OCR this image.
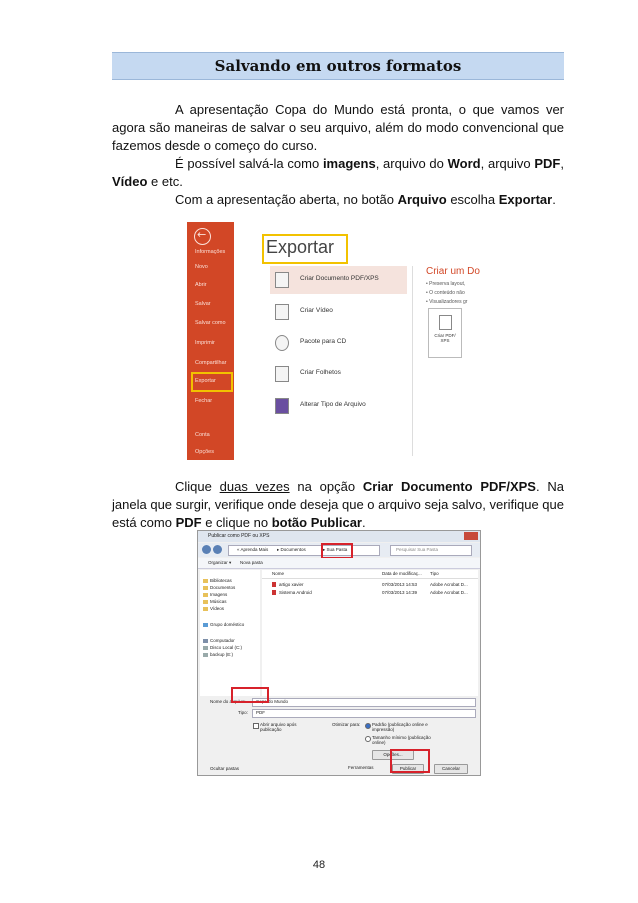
Salvando em outros formatos
A apresentação Copa do Mundo está pronta, o que vamos ver agora são maneiras de salvar o seu arquivo, além do modo convencional que fazemos desde o começo do curso.
É possível salvá-la como imagens, arquivo do Word, arquivo PDF, Vídeo e etc.
Com a apresentação aberta, no botão Arquivo escolha Exportar.
←
Informações
Novo
Abrir
Salvar
Salvar como
Imprimir
Compartilhar
Exportar
Fechar
Conta
Opções
Exportar
Criar Documento PDF/XPS
Criar Vídeo
Pacote para CD
Criar Folhetos
Alterar Tipo de Arquivo
Criar um Do
• Preserva layout,
• O conteúdo não
• Visualizadores gr
Criar PDF/ XPS
Clique duas vezes na opção Criar Documento PDF/XPS. Na janela que surgir, verifique onde deseja que o arquivo seja salvo, verifique que está como PDF e clique no botão Publicar.
Publicar como PDF ou XPS
« Aprenda Mais ▸ Documentos	▸ Sua Pasta	Pesquisar Sua Pasta
Organizar ▾ Nova pasta
Bibliotecas
Documentos
Imagens
Músicas
Vídeos
Grupo doméstico
Computador
Disco Local (C:)
backup (E:)
Nome	Data de modificaç... Tipo
artigo xavier	07/03/2013 14:53	Adobe Acrobat D...
Sistema Android	07/03/2013 14:39	Adobe Acrobat D...
Nome do arquivo: Copa do Mundo
Tipo: PDF
Abrir arquivo após publicação
Otimizar para:	Padrão (publicação online e impressão)
Tamanho mínimo (publicação online)
Opções...
Ocultar pastas	Ferramentas	Publicar	Cancelar
48
